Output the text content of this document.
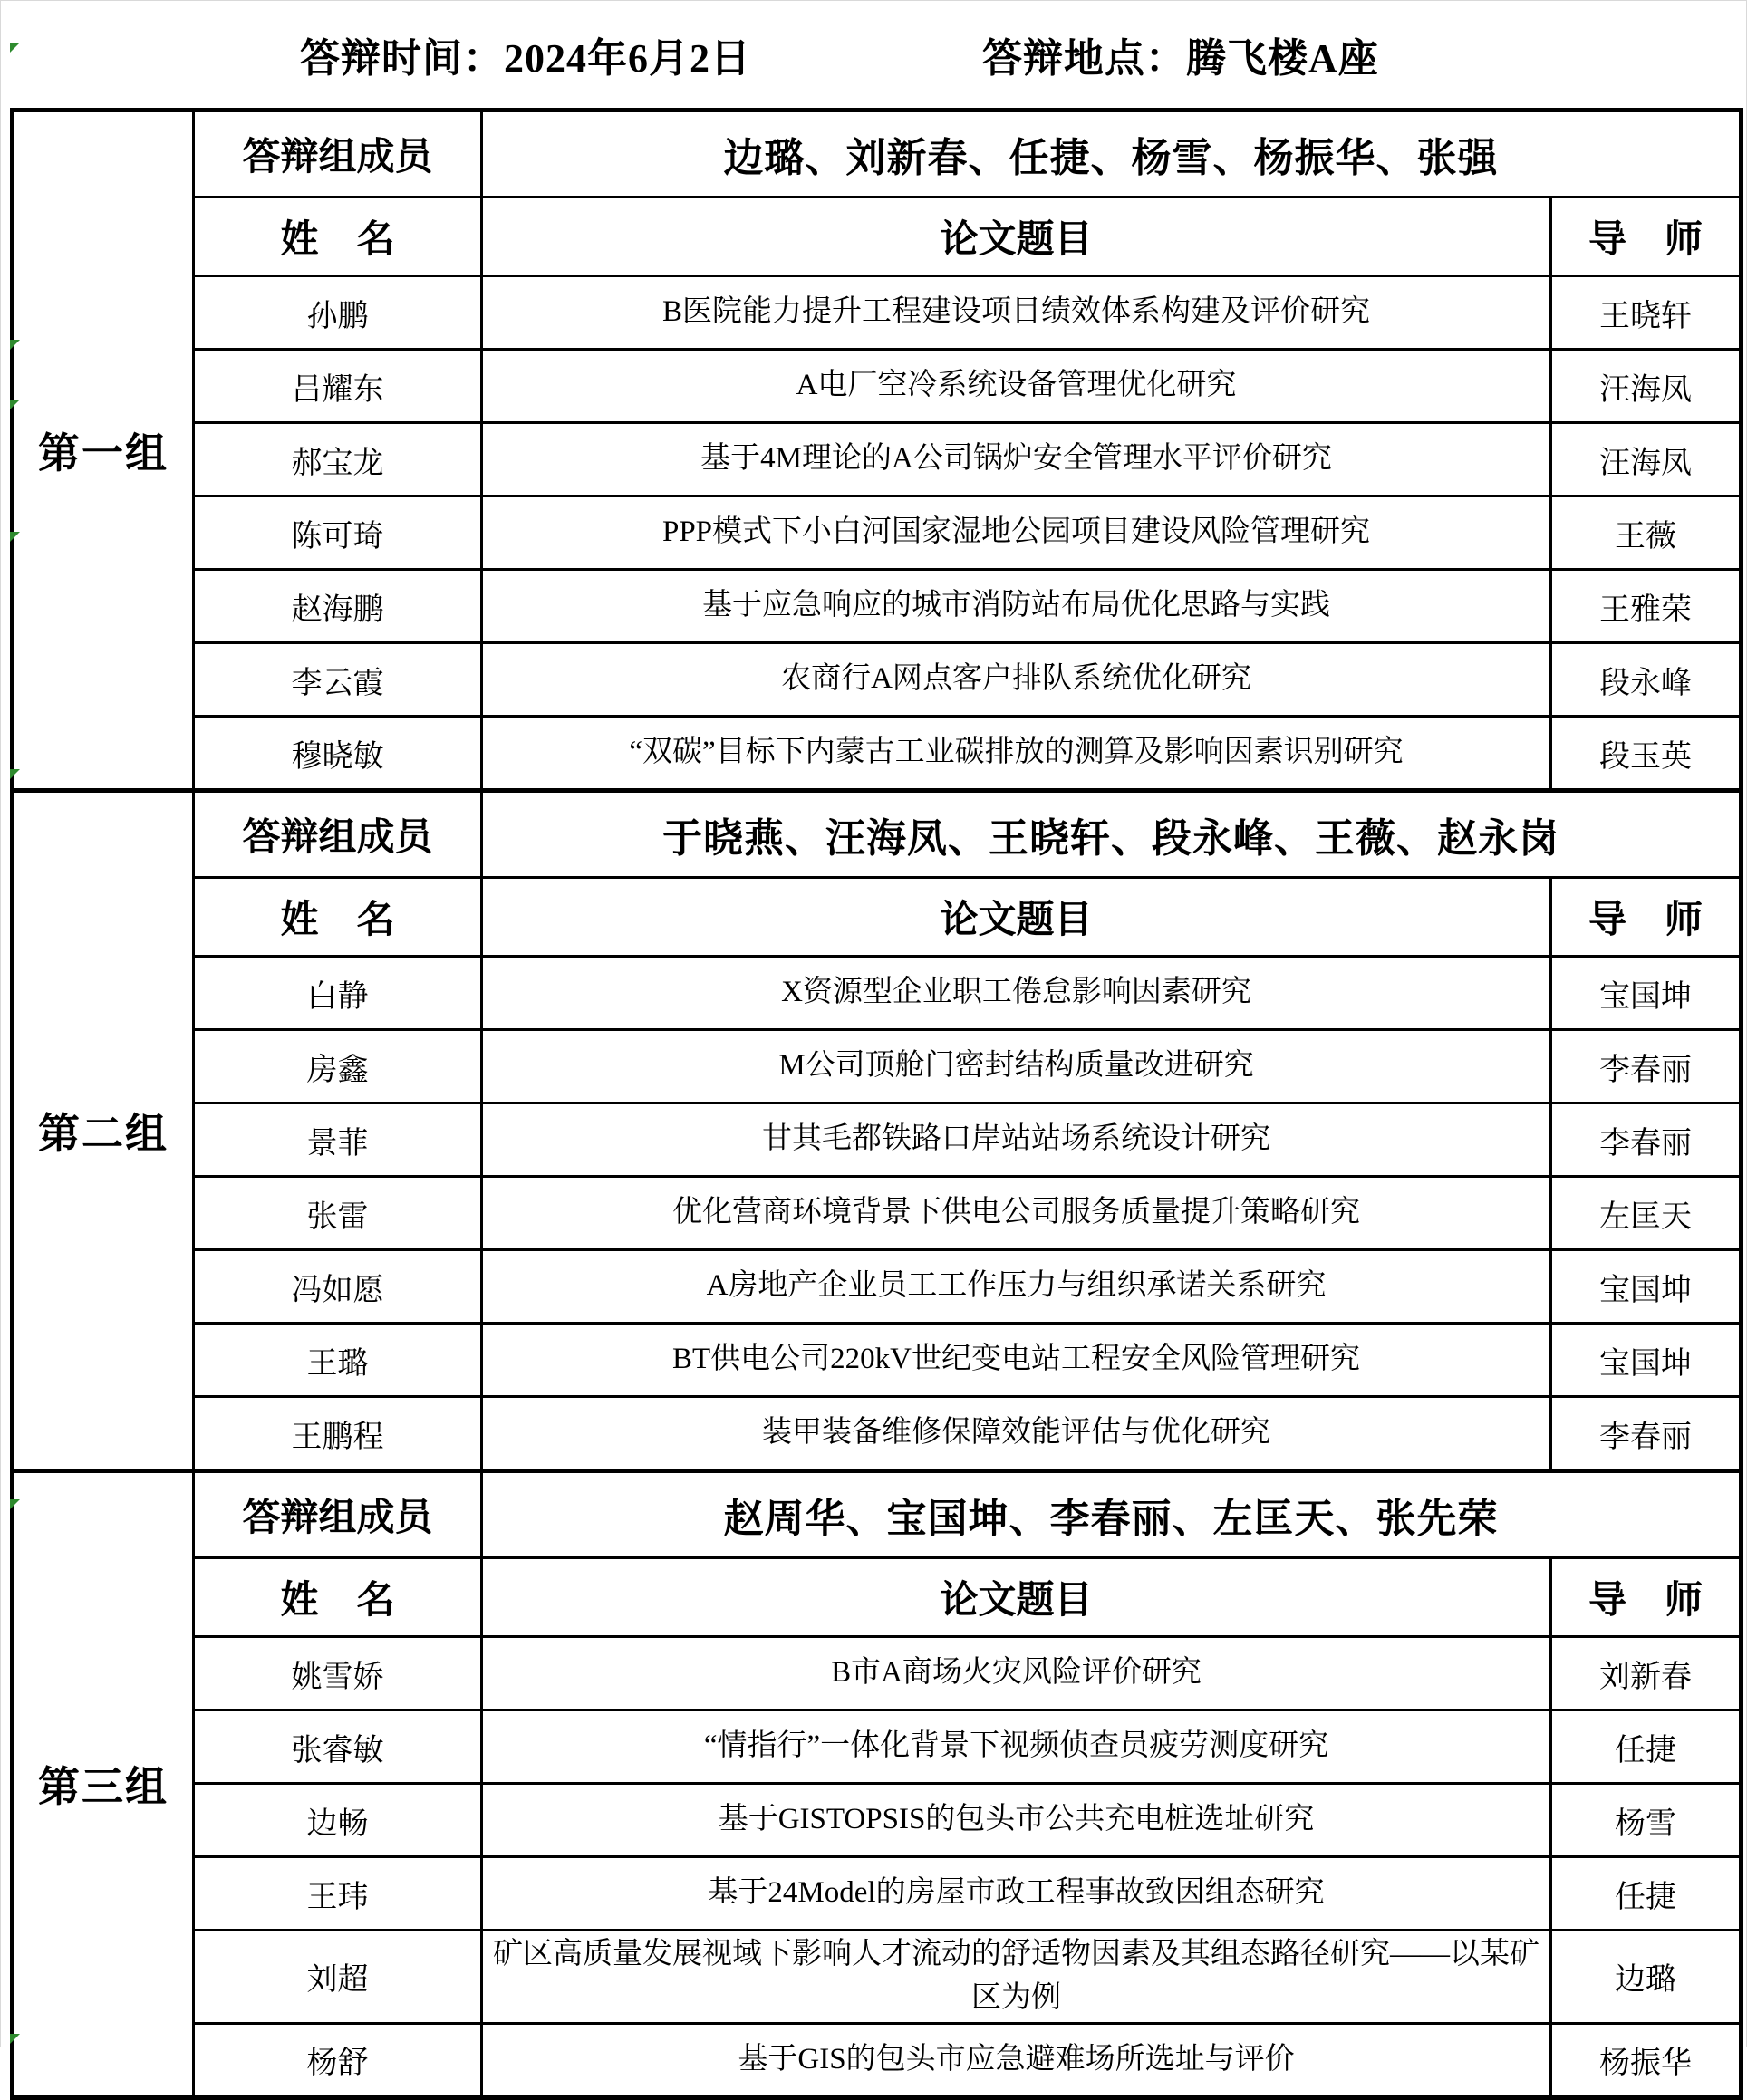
答辩时间：2024年6月2日	答辩地点：腾飞楼A座
第一组	答辩组成员	边璐、刘新春、任捷、杨雪、杨振华、张强	
	姓　名	论文题目	导　师
	孙鹏	B医院能力提升工程建设项目绩效体系构建及评价研究	王晓轩
	吕耀东	A电厂空冷系统设备管理优化研究	汪海凤
	郝宝龙	基于4M理论的A公司锅炉安全管理水平评价研究	汪海凤
	陈可琦	PPP模式下小白河国家湿地公园项目建设风险管理研究	王薇
	赵海鹏	基于应急响应的城市消防站布局优化思路与实践	王雅荣
	李云霞	农商行A网点客户排队系统优化研究	段永峰
	穆晓敏	“双碳”目标下内蒙古工业碳排放的测算及影响因素识别研究	段玉英
第二组	答辩组成员	于晓燕、汪海凤、王晓轩、段永峰、王薇、赵永岗	
	姓　名	论文题目	导　师
	白静	X资源型企业职工倦怠影响因素研究	宝国坤
	房鑫	M公司顶舱门密封结构质量改进研究	李春丽
	景菲	甘其毛都铁路口岸站站场系统设计研究	李春丽
	张雷	优化营商环境背景下供电公司服务质量提升策略研究	左匡天
	冯如愿	A房地产企业员工工作压力与组织承诺关系研究	宝国坤
	王璐	BT供电公司220kV世纪变电站工程安全风险管理研究	宝国坤
	王鹏程	装甲装备维修保障效能评估与优化研究	李春丽
第三组	答辩组成员	赵周华、宝国坤、李春丽、左匡天、张先荣	
	姓　名	论文题目	导　师
	姚雪娇	B市A商场火灾风险评价研究	刘新春
	张睿敏	“情指行”一体化背景下视频侦查员疲劳测度研究	任捷
	边畅	基于GISTOPSIS的包头市公共充电桩选址研究	杨雪
	王玮	基于24Model的房屋市政工程事故致因组态研究	任捷
	刘超	矿区高质量发展视域下影响人才流动的舒适物因素及其组态路径研究——以某矿区为例	边璐
	杨舒	基于GIS的包头市应急避难场所选址与评价	杨振华
